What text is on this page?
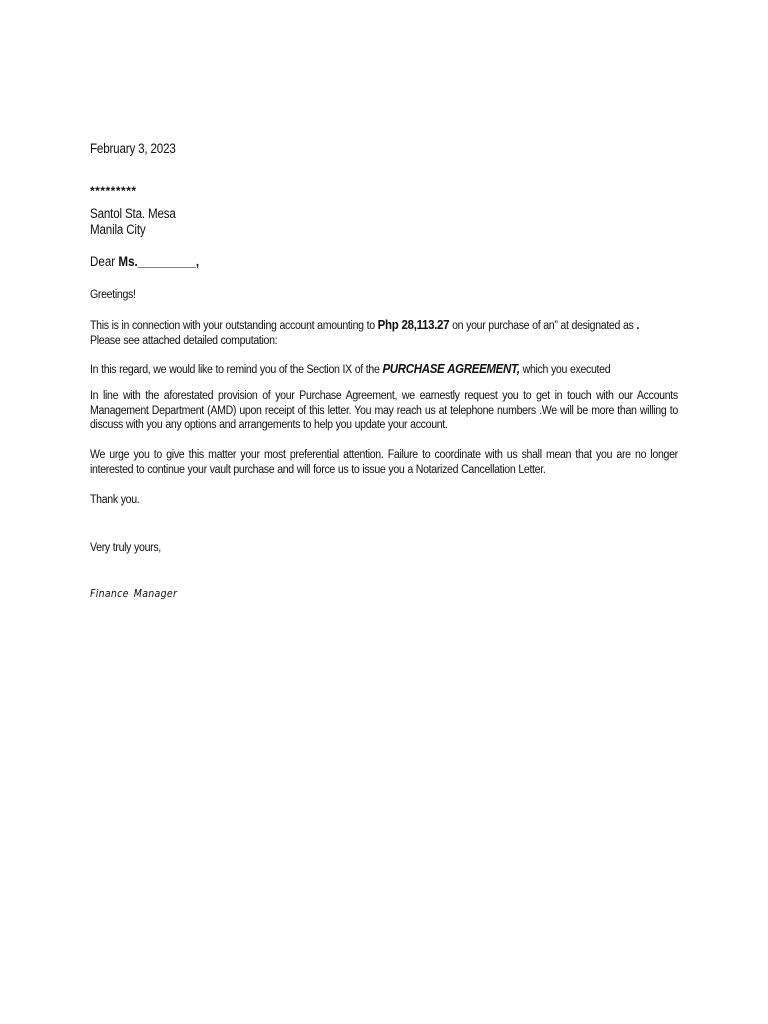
February 3, 2023
*********
Santol Sta. Mesa
Manila City
Dear Ms._________,
Greetings!
This is in connection with your outstanding account amounting to Php 28,113.27 on your purchase of an” at designated as .
Please see attached detailed computation:
In this regard, we would like to remind you of the Section IX of the PURCHASE AGREEMENT, which you executed
In line with the aforestated provision of your Purchase Agreement, we earnestly request you to get in touch with our Accounts Management Department (AMD) upon receipt of this letter. You may reach us at telephone numbers .We will be more than willing to discuss with you any options and arrangements to help you update your account.
We urge you to give this matter your most preferential attention. Failure to coordinate with us shall mean that you are no longer interested to continue your vault purchase and will force us to issue you a Notarized Cancellation Letter.
Thank you.
Very truly yours,
Finance Manager
